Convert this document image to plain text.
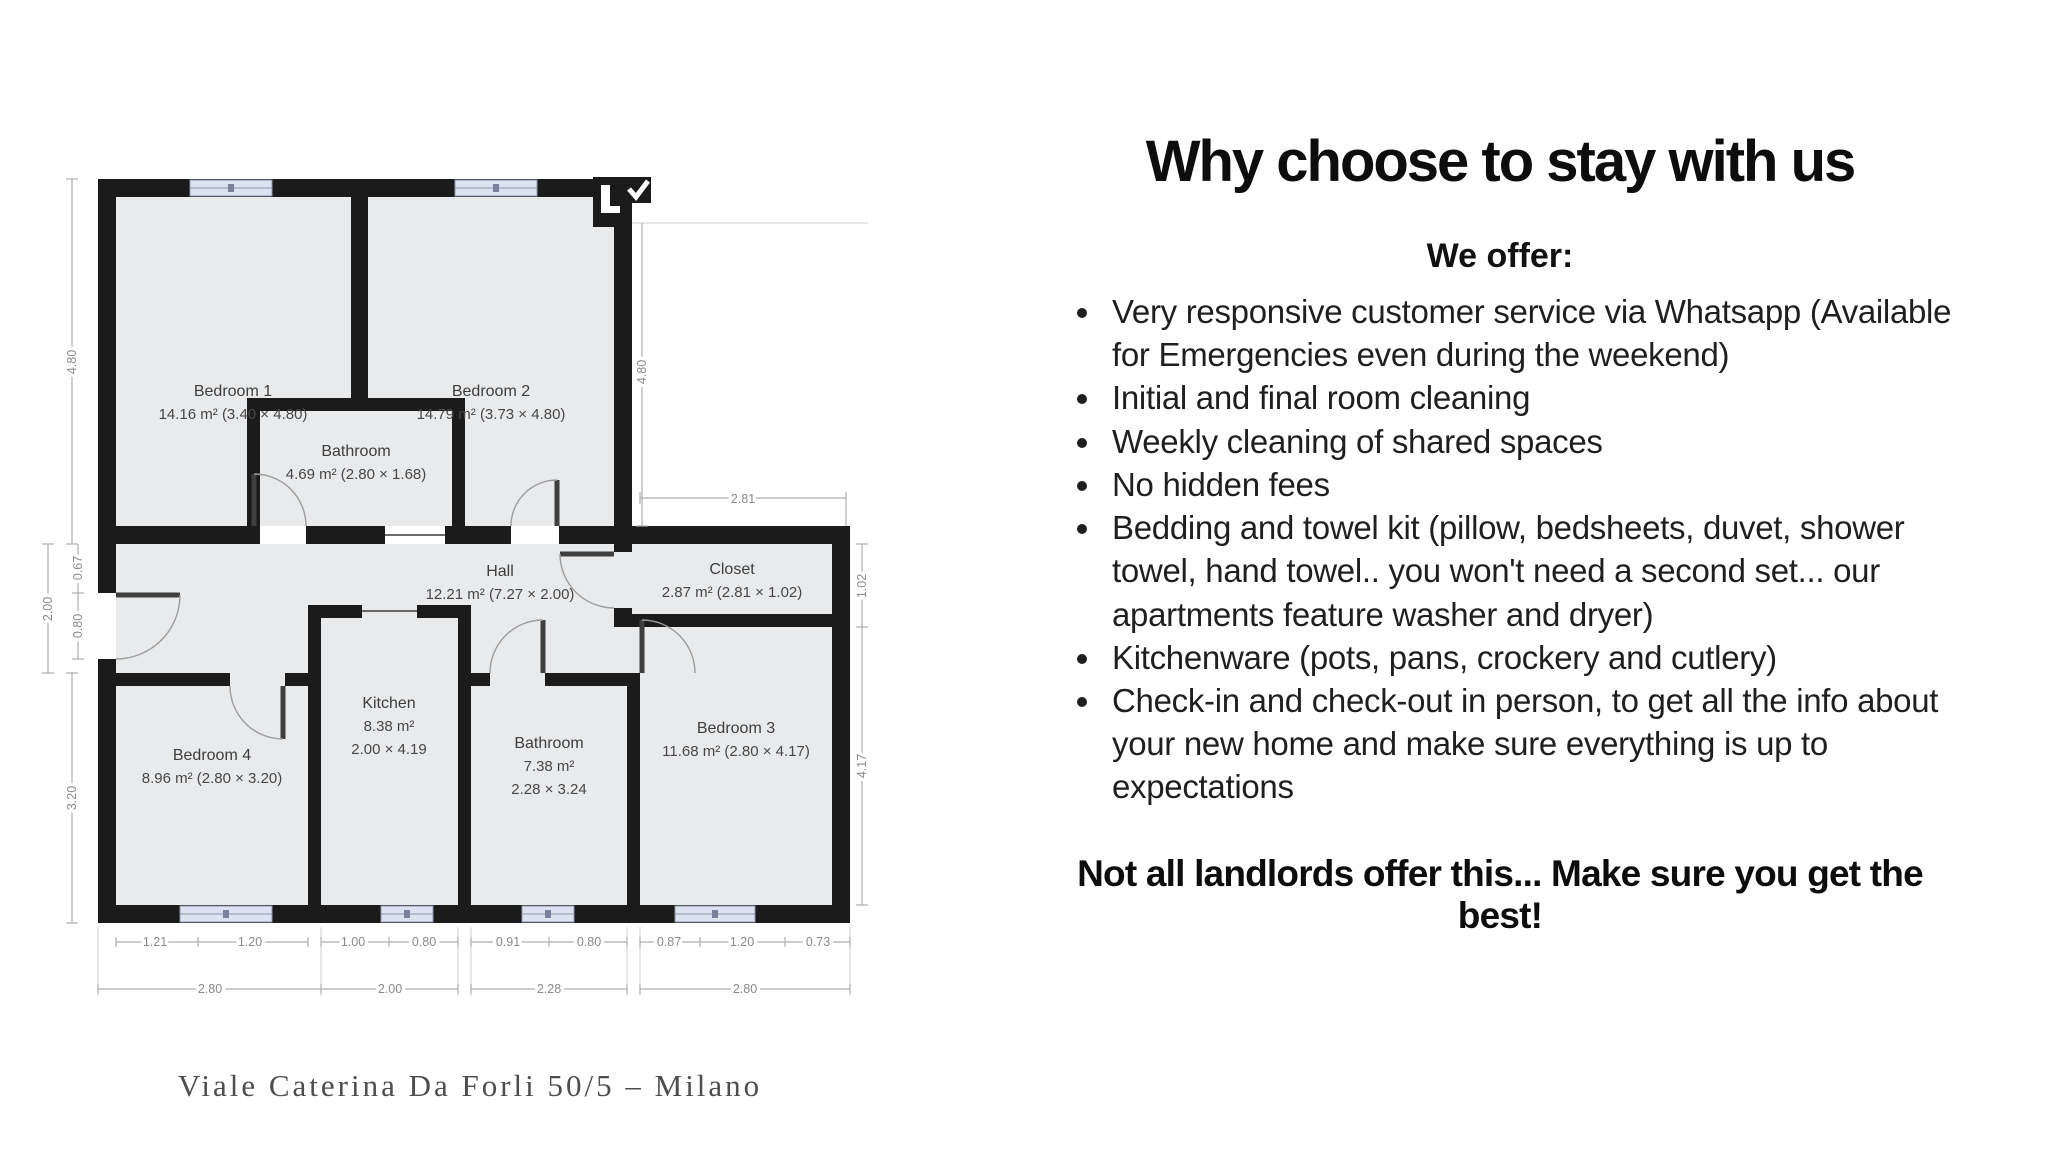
4.80
0.67
0.80
2.00
3.20
4.80
2.81
1.02
4.17
1.21	1.20	1.00	0.80	0.91	0.80	0.87	1.20	0.73
2.80	2.00	2.28	2.80
Bedroom 1
14.16 m² (3.40 × 4.80)
Bedroom 2
14.79 m² (3.73 × 4.80)
Bathroom
4.69 m² (2.80 × 1.68)
Hall
12.21 m² (7.27 × 2.00)
Closet
2.87 m² (2.81 × 1.02)
Kitchen
8.38 m²
2.00 × 4.19
Bedroom 4
8.96 m² (2.80 × 3.20)
Bathroom
7.38 m²
2.28 × 3.24
Bedroom 3
11.68 m² (2.80 × 4.17)
Viale Caterina Da Forli 50/5 – Milano
Why choose to stay with us
We offer:
• Very responsive customer service via Whatsapp (Available for Emergencies even during the weekend)
• Initial and final room cleaning
• Weekly cleaning of shared spaces
• No hidden fees
• Bedding and towel kit (pillow, bedsheets, duvet, shower towel, hand towel.. you won't need a second set... our apartments feature washer and dryer)
• Kitchenware (pots, pans, crockery and cutlery)
• Check-in and check-out in person, to get all the info about your new home and make sure everything is up to expectations
Not all landlords offer this... Make sure you get the best!
